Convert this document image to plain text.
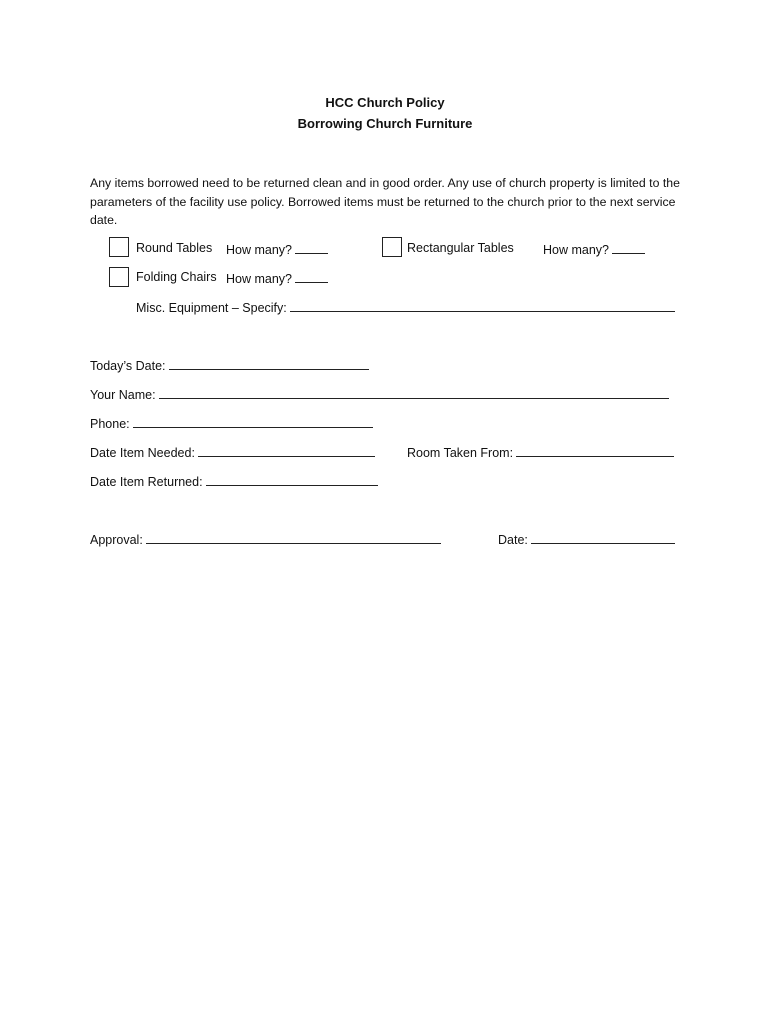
HCC Church Policy
Borrowing Church Furniture
Any items borrowed need to be returned clean and in good order. Any use of church property is limited to the parameters of the facility use policy. Borrowed items must be returned to the church prior to the next service date.
Round Tables How many?	Rectangular Tables How many?
Folding Chairs How many?
Misc. Equipment – Specify:
Today’s Date:
Your Name:
Phone:
Date Item Needed:	Room Taken From:
Date Item Returned:
Approval:	Date:
